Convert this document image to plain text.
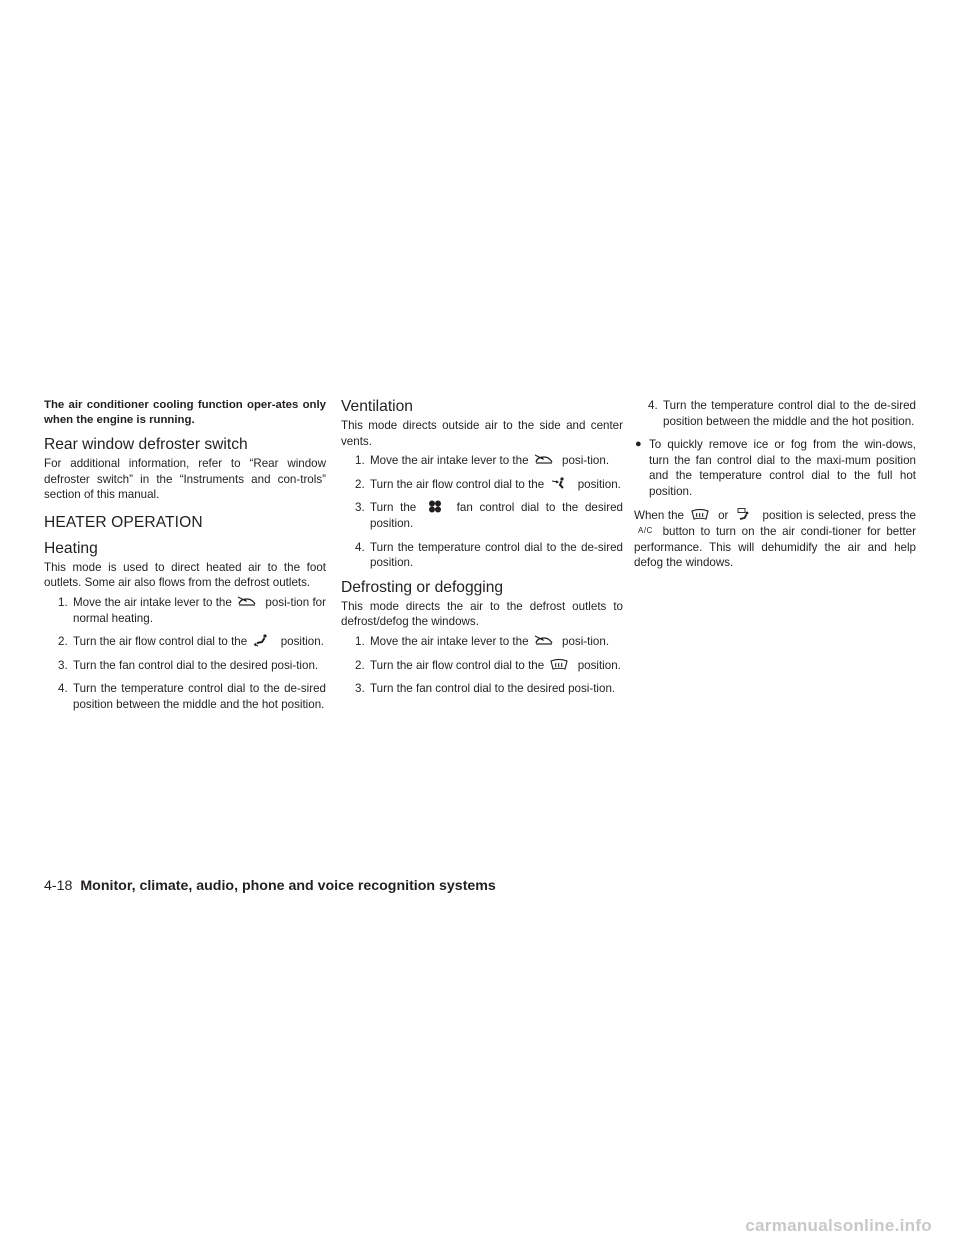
The air conditioner cooling function oper-ates only when the engine is running.

Rear window defroster switch

For additional information, refer to “Rear window defroster switch” in the “Instruments and con-trols” section of this manual.

HEATER OPERATION
Heating

This mode is used to direct heated air to the foot outlets. Some air also flows from the defrost outlets.

1. Move the air intake lever to the	posi-tion for normal heating.
2. Turn the air flow control dial to the	position.
3. Turn the fan control dial to the desired posi-tion.
4. Turn the temperature control dial to the de-sired position between the middle and the hot position.
Ventilation

This mode directs outside air to the side and center vents.

1. Move the air intake lever to the	posi-tion.
2. Turn the air flow control dial to the	position.
3. Turn the	fan control dial to the desired position.
4. Turn the temperature control dial to the de-sired position.
Defrosting or defogging

This mode directs the air to the defrost outlets to defrost/defog the windows.

1. Move the air intake lever to the	posi-tion.
2. Turn the air flow control dial to the	position.
3. Turn the fan control dial to the desired posi-tion.
4. Turn the temperature control dial to the de-sired position between the middle and the hot position.
● To quickly remove ice or fog from the win-dows, turn the fan control dial to the maxi-mum position and the temperature control dial to the full hot position.

When the	or	position is selected, press the A/C button to turn on the air condi-tioner for better performance. This will dehumidify the air and help defog the windows.

4-18 Monitor, climate, audio, phone and voice recognition systems
carmanualsonline.info
